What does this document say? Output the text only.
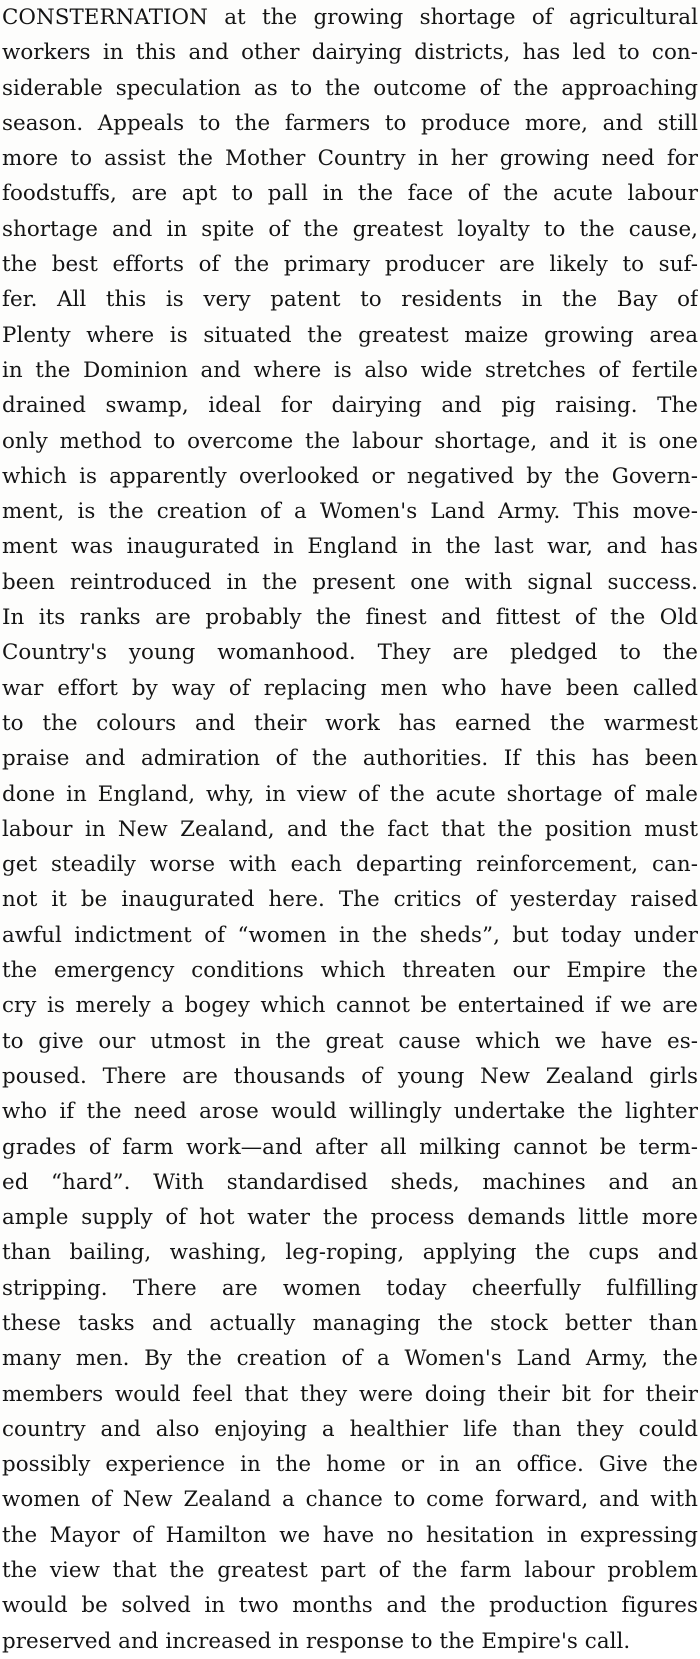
CONSTERNATION at the growing shortage of agricultural
workers in this and other dairying districts, has led to con-
siderable speculation as to the outcome of the approaching
season. Appeals to the farmers to produce more, and still
more to assist the Mother Country in her growing need for
foodstuffs, are apt to pall in the face of the acute labour
shortage and in spite of the greatest loyalty to the cause,
the best efforts of the primary producer are likely to suf-
fer. All this is very patent to residents in the Bay of
Plenty where is situated the greatest maize growing area
in the Dominion and where is also wide stretches of fertile
drained swamp, ideal for dairying and pig raising. The
only method to overcome the labour shortage, and it is one
which is apparently overlooked or negatived by the Govern-
ment, is the creation of a Women's Land Army. This move-
ment was inaugurated in England in the last war, and has
been reintroduced in the present one with signal success.
In its ranks are probably the finest and fittest of the Old
Country's young womanhood. They are pledged to the
war effort by way of replacing men who have been called
to the colours and their work has earned the warmest
praise and admiration of the authorities. If this has been
done in England, why, in view of the acute shortage of male
labour in New Zealand, and the fact that the position must
get steadily worse with each departing reinforcement, can-
not it be inaugurated here. The critics of yesterday raised
awful indictment of “women in the sheds”, but today under
the emergency conditions which threaten our Empire the
cry is merely a bogey which cannot be entertained if we are
to give our utmost in the great cause which we have es-
poused. There are thousands of young New Zealand girls
who if the need arose would willingly undertake the lighter
grades of farm work—and after all milking cannot be term-
ed “hard”. With standardised sheds, machines and an
ample supply of hot water the process demands little more
than bailing, washing, leg-roping, applying the cups and
stripping. There are women today cheerfully fulfilling
these tasks and actually managing the stock better than
many men. By the creation of a Women's Land Army, the
members would feel that they were doing their bit for their
country and also enjoying a healthier life than they could
possibly experience in the home or in an office. Give the
women of New Zealand a chance to come forward, and with
the Mayor of Hamilton we have no hesitation in expressing
the view that the greatest part of the farm labour problem
would be solved in two months and the production figures
preserved and increased in response to the Empire's call.
